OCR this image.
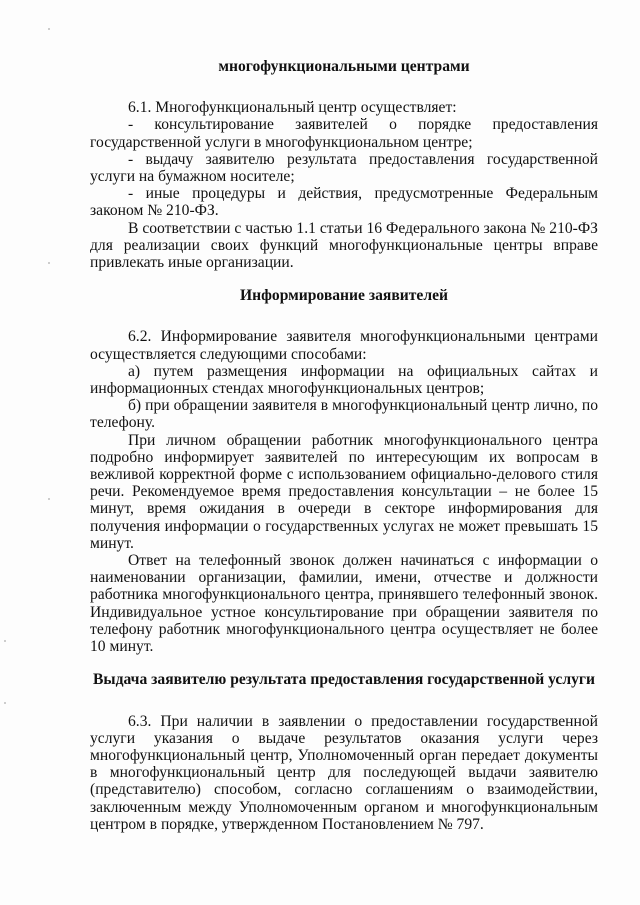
многофункциональными центрами

6.1. Многофункциональный центр осуществляет:

- консультирование заявителей о порядке предоставления государственной услуги в многофункциональном центре;

- выдачу заявителю результата предоставления государственной услуги на бумажном носителе;

- иные процедуры и действия, предусмотренные Федеральным законом № 210-ФЗ.

В соответствии с частью 1.1 статьи 16 Федерального закона № 210-ФЗ для реализации своих функций многофункциональные центры вправе привлекать иные организации.

Информирование заявителей

6.2. Информирование заявителя многофункциональными центрами осуществляется следующими способами:

а) путем размещения информации на официальных сайтах и информационных стендах многофункциональных центров;

б) при обращении заявителя в многофункциональный центр лично, по телефону.

При личном обращении работник многофункционального центра подробно информирует заявителей по интересующим их вопросам в вежливой корректной форме с использованием официально-делового стиля речи. Рекомендуемое время предоставления консультации – не более 15 минут, время ожидания в очереди в секторе информирования для получения информации о государственных услугах не может превышать 15 минут.

Ответ на телефонный звонок должен начинаться с информации о наименовании организации, фамилии, имени, отчестве и должности работника многофункционального центра, принявшего телефонный звонок. Индивидуальное устное консультирование при обращении заявителя по телефону работник многофункционального центра осуществляет не более 10 минут.

Выдача заявителю результата предоставления государственной услуги

6.3. При наличии в заявлении о предоставлении государственной услуги указания о выдаче результатов оказания услуги через многофункциональный центр, Уполномоченный орган передает документы в многофункциональный центр для последующей выдачи заявителю (представителю) способом, согласно соглашениям о взаимодействии, заключенным между Уполномоченным органом и многофункциональным центром в порядке, утвержденном Постановлением № 797.
